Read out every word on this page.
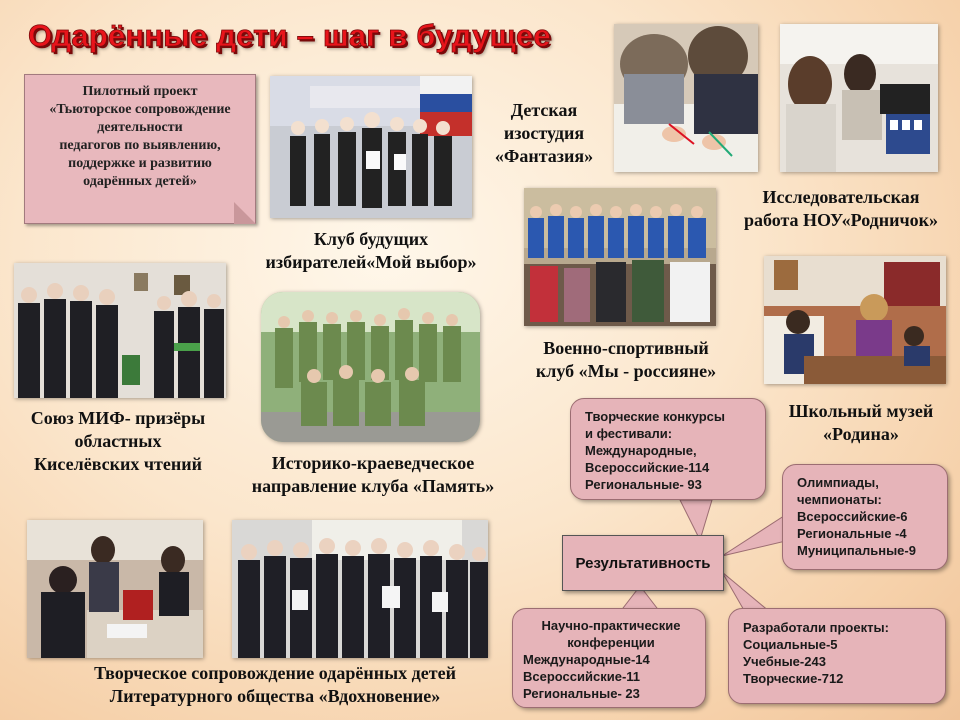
Одарённые дети – шаг в будущее
Пилотный проект
«Тьюторское сопровождение
деятельности
педагогов по выявлению,
поддержке и развитию
одарённых детей»
Клуб будущих
избирателей«Мой выбор»
Детская
изостудия
«Фантазия»
Исследовательская
работа НОУ«Родничок»
Военно-спортивный
клуб «Мы - россияне»
Школьный музей
«Родина»
Союз МИФ- призёры
областных
Киселёвских чтений	Историко-краеведческое
направление клуба «Память»
Творческое сопровождение одарённых детей
Литературного общества «Вдохновение»
Творческие конкурсы
и фестивали:
Международные,
Всероссийские-114
Региональные- 93	Олимпиады,
чемпионаты:
Всероссийские-6
Региональные -4
Муниципальные-9
Результативность
Научно-практические
конференции
Международные-14
Всероссийские-11
Региональные- 23
Разработали проекты:
Социальные-5
Учебные-243
Творческие-712
